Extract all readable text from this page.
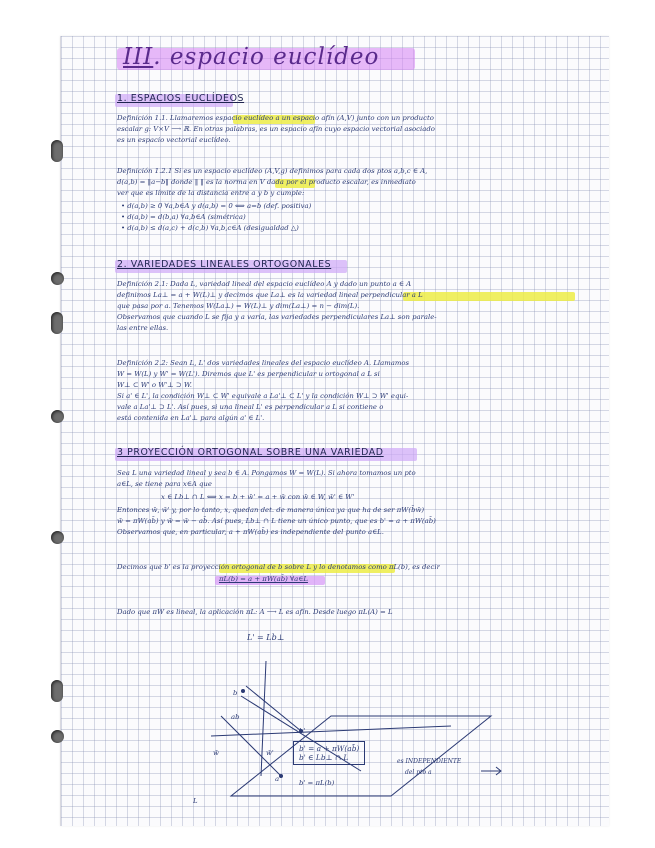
III. espacio euclídeo
1. ESPACIOS EUCLÍDEOS

Definición 1.1. Llamaremos espacio euclídeo a un espacio afín (A,V) junto con un producto

escalar g: V×V ⟶ ℝ. En otras palabras, es un espacio afín cuyo espacio vectorial asociado

es un espacio vectorial euclídeo.

Definición 1.2.1 Si es un espacio euclídeo (A,V,g) definimos para cada dos ptos a,b,c ∈ A,

d(a,b) = ‖a−b‖ donde ‖ ‖ es la norma en V dada por el producto escalar, es inmediato

ver que es límite de la distancia entre a y b y cumple:

• d(a,b) ≥ 0 ∀a,b∈A y d(a,b) = 0 ⟺ a=b (def. positiva)

• d(a,b) = d(b,a) ∀a,b∈A (simétrica)

• d(a,b) ≤ d(a,c) + d(c,b) ∀a,b,c∈A (desigualdad △)

2. VARIEDADES LINEALES ORTOGONALES

Definición 2.1: Dada L, variedad lineal del espacio euclídeo A y dado un punto a ∈ A

definimos La⊥ = a + W(L)⊥ y decimos que La⊥ es la variedad lineal perpendicular a L

que pasa por a. Tenemos W(La⊥) = W(L)⊥ y dim(La⊥) = n − dim(L).

Observamos que cuando L se fija y a varía, las variedades perpendiculares La⊥ son parale-

las entre ellas.

Definición 2.2: Sean L, L' dos variedades lineales del espacio euclídeo A. Llamamos

W = W(L) y W' = W(L'). Diremos que L' es perpendicular u ortogonal a L si

W⊥ ⊂ W' o W'⊥ ⊃ W.

Si a' ∈ L', la condición W⊥ ⊂ W' equivale a La'⊥ ⊂ L' y la condición W⊥ ⊃ W' equi-

vale a La'⊥ ⊃ L'. Así pues, si una lineal L' es perpendicular a L si contiene o

está contenida en La'⊥ para algún a' ∈ L'.

3 PROYECCIÓN ORTOGONAL SOBRE UNA VARIEDAD

Sea L una variedad lineal y sea b ∈ A. Pongamos W = W(L). Si ahora tomamos un pto

a∈L, se tiene para x∈A que

x ∈ Lb⊥ ∩ L ⟺ x = b + w̄' = a + w̄ con w̄ ∈ W, w̄' ∈ W'

Entonces w̄, w̄' y, por lo tanto, x, quedan det. de manera única ya que ha de ser πW(b̄w̄)

w̄ = πW(ab̄) y w̄ = w̄ − ab̄. Así pues, Lb⊥ ∩ L tiene un único punto, que es b' = a + πW(ab̄)

Observamos que, en particular, a + πW(ab̄) es independiente del punto a∈L.

Decimos que b' es la proyección ortogonal de b sobre L y lo denotamos como πL(b), es decir

πL(b) = a + πW(ab̄) ∀a∈L

Dado que πW es lineal, la aplicación πL: A ⟶ L es afín. Desde luego πL(A) = L

L' = Lb⊥

b

ab

a

w̄	w̄'

b'

L

b' = a + πW(ab̄)
b' ∈ Lb⊥ ∩ L

b' = πL(b)

es INDEPENDIENTE

del pto a
